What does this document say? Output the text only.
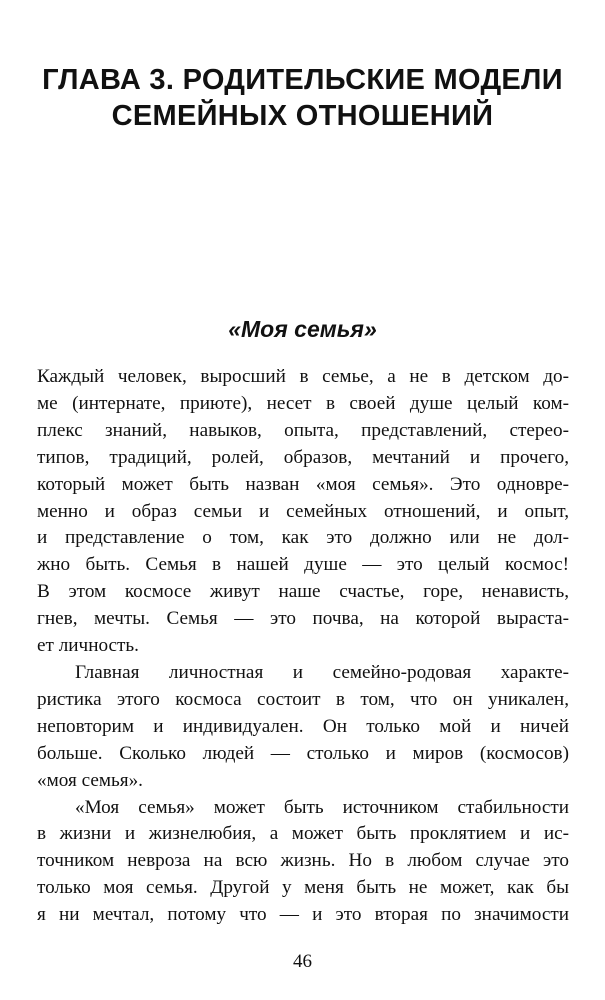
ГЛАВА 3. РОДИТЕЛЬСКИЕ МОДЕЛИ
СЕМЕЙНЫХ ОТНОШЕНИЙ
«Моя семья»
Каждый человек, выросший в семье, а не в детском до-
ме (интернате, приюте), несет в своей душе целый ком-
плекс знаний, навыков, опыта, представлений, стерео-
типов, традиций, ролей, образов, мечтаний и прочего,
который может быть назван «моя семья». Это одновре-
менно и образ семьи и семейных отношений, и опыт,
и представление о том, как это должно или не дол-
жно быть. Семья в нашей душе — это целый космос!
В этом космосе живут наше счастье, горе, ненависть,
гнев, мечты. Семья — это почва, на которой выраста-
ет личность.
Главная личностная и семейно-родовая характе-
ристика этого космоса состоит в том, что он уникален,
неповторим и индивидуален. Он только мой и ничей
больше. Сколько людей — столько и миров (космосов)
«моя семья».
«Моя семья» может быть источником стабильности
в жизни и жизнелюбия, а может быть проклятием и ис-
точником невроза на всю жизнь. Но в любом случае это
только моя семья. Другой у меня быть не может, как бы
я ни мечтал, потому что — и это вторая по значимости
46
